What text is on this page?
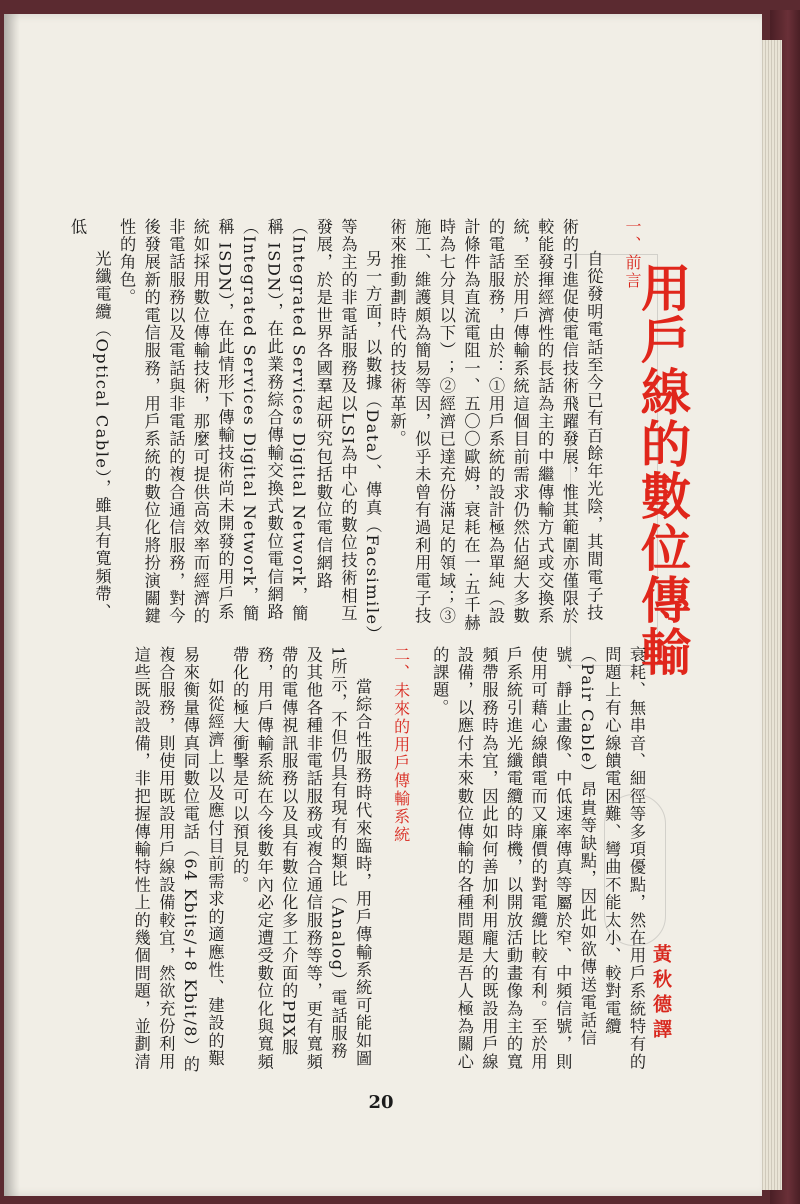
用戶線的數位傳輸
黃秋德譯
一、前言
自從發明電話至今已有百餘年光陰，其間電子技術的引進促使電信技術飛躍發展，惟其範圍亦僅限於較能發揮經濟性的長話為主的中繼傳輸方式或交換系統，至於用戶傳輸系統這個目前需求仍然佔絕大多數的電話服務，由於：①用戶系統的設計極為單純（設計條件為直流電阻一、五〇〇歐姆，衰耗在一·五千赫時為七分貝以下）；②經濟已達充份滿足的領域；③施工、維護頗為簡易等因，似乎未曾有過利用電子技術來推動劃時代的技術革新。
另一方面，以數據（Data）、傳真（Facsimile）等為主的非電話服務及以LSI為中心的數位技術相互發展，於是世界各國羣起研究包括數位電信網路（Integrated Services Digital Network，簡稱 ISDN），在此業務綜合傳輸交換式數位電信網路（Integrated Services Digital Network，簡稱 ISDN），在此情形下傳輸技術尚未開發的用戶系統如採用數位傳輸技術，那麼可提供高效率而經濟的非電話服務以及電話與非電話的複合通信服務，對今後發展新的電信服務，用戶系統的數位化將扮演關鍵性的角色。
光纖電纜（Optical Cable），雖具有寬頻帶、低
衰耗、無串音、細徑等多項優點，然在用戶系統特有的問題上有心線饋電困難、彎曲不能太小、較對電纜（Pair Cable）昂貴等缺點，因此如欲傳送電話信號、靜止畫像、中低速率傳真等屬於窄、中頻信號，則使用可藉心線饋電而又廉價的對電纜比較有利。至於用戶系統引進光纖電纜的時機，以開放活動畫像為主的寬頻帶服務時為宜，因此如何善加利用龐大的既設用戶線設備，以應付未來數位傳輸的各種問題是吾人極為關心的課題。
二、未來的用戶傳輸系統
當綜合性服務時代來臨時，用戶傳輸系統可能如圖1所示，不但仍具有現有的類比（Analog）電話服務及其他各種非電話服務或複合通信服務等等，更有寬頻帶的電傳視訊服務以及具有數位化多工介面的PBX服務，用戶傳輸系統在今後數年內必定遭受數位化與寬頻帶化的極大衝擊是可以預見的。
如從經濟上以及應付目前需求的適應性、建設的艱易來衡量傳真同數位電話（64 Kbits/+8 Kbit/8）的複合服務，則使用既設用戶線設備較宜，然欲充份利用這些既設設備，非把握傳輸特性上的幾個問題，並劃清
20
